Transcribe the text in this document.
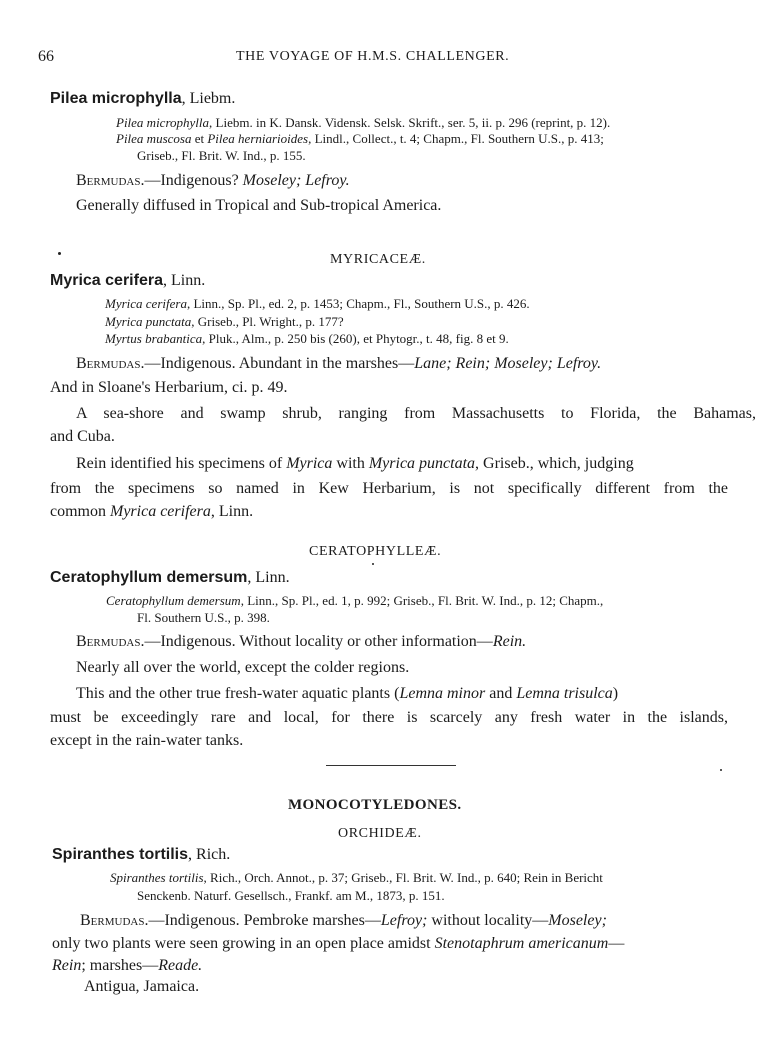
66	THE VOYAGE OF H.M.S. CHALLENGER.
Pilea microphylla, Liebm.
Pilea microphylla, Liebm. in K. Dansk. Vidensk. Selsk. Skrift., ser. 5, ii. p. 296 (reprint, p. 12).
Pilea muscosa et Pilea herniarioides, Lindl., Collect., t. 4; Chapm., Fl. Southern U.S., p. 413;
Griseb., Fl. Brit. W. Ind., p. 155.
Bermudas.—Indigenous? Moseley; Lefroy.
Generally diffused in Tropical and Sub-tropical America.
MYRICACEÆ.
Myrica cerifera, Linn.
Myrica cerifera, Linn., Sp. Pl., ed. 2, p. 1453; Chapm., Fl., Southern U.S., p. 426.
Myrica punctata, Griseb., Pl. Wright., p. 177?
Myrtus brabantica, Pluk., Alm., p. 250 bis (260), et Phytogr., t. 48, fig. 8 et 9.
Bermudas.—Indigenous. Abundant in the marshes—Lane; Rein; Moseley; Lefroy.
And in Sloane's Herbarium, ci. p. 49.
A sea-shore and swamp shrub, ranging from Massachusetts to Florida, the Bahamas,
and Cuba.
Rein identified his specimens of Myrica with Myrica punctata, Griseb., which, judging
from the specimens so named in Kew Herbarium, is not specifically different from the
common Myrica cerifera, Linn.
CERATOPHYLLEÆ.
Ceratophyllum demersum, Linn.
Ceratophyllum demersum, Linn., Sp. Pl., ed. 1, p. 992; Griseb., Fl. Brit. W. Ind., p. 12; Chapm.,
Fl. Southern U.S., p. 398.
Bermudas.—Indigenous. Without locality or other information—Rein.
Nearly all over the world, except the colder regions.
This and the other true fresh-water aquatic plants (Lemna minor and Lemna trisulca)
must be exceedingly rare and local, for there is scarcely any fresh water in the islands,
except in the rain-water tanks.
MONOCOTYLEDONES.
ORCHIDEÆ.
Spiranthes tortilis, Rich.
Spiranthes tortilis, Rich., Orch. Annot., p. 37; Griseb., Fl. Brit. W. Ind., p. 640; Rein in Bericht
Senckenb. Naturf. Gesellsch., Frankf. am M., 1873, p. 151.
Bermudas.—Indigenous. Pembroke marshes—Lefroy; without locality—Moseley;
only two plants were seen growing in an open place amidst Stenotaphrum americanum—
Rein; marshes—Reade.
Antigua, Jamaica.
